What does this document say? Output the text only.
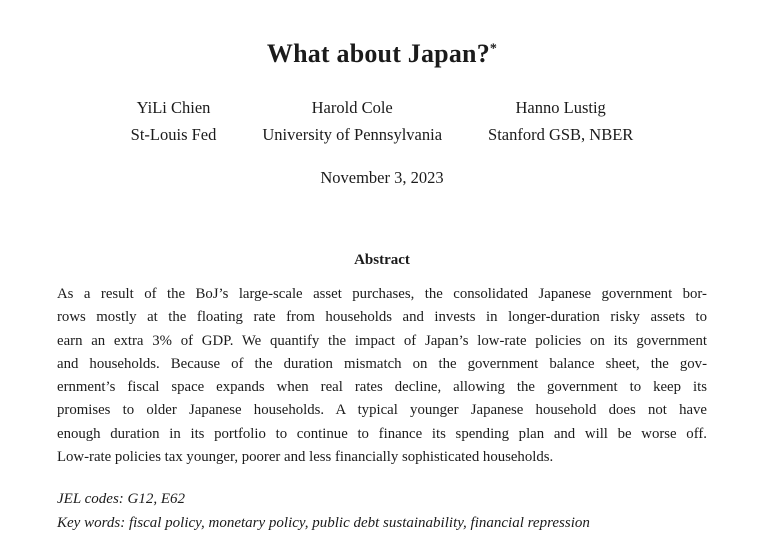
What about Japan?*
YiLi Chien
St-Louis Fed
Harold Cole
University of Pennsylvania
Hanno Lustig
Stanford GSB, NBER
November 3, 2023
Abstract
As a result of the BoJ’s large-scale asset purchases, the consolidated Japanese government bor-
rows mostly at the floating rate from households and invests in longer-duration risky assets to
earn an extra 3% of GDP. We quantify the impact of Japan’s low-rate policies on its government
and households. Because of the duration mismatch on the government balance sheet, the gov-
ernment’s fiscal space expands when real rates decline, allowing the government to keep its
promises to older Japanese households. A typical younger Japanese household does not have
enough duration in its portfolio to continue to finance its spending plan and will be worse off.
Low-rate policies tax younger, poorer and less financially sophisticated households.
JEL codes: G12, E62
Key words: fiscal policy, monetary policy, public debt sustainability, financial repression
